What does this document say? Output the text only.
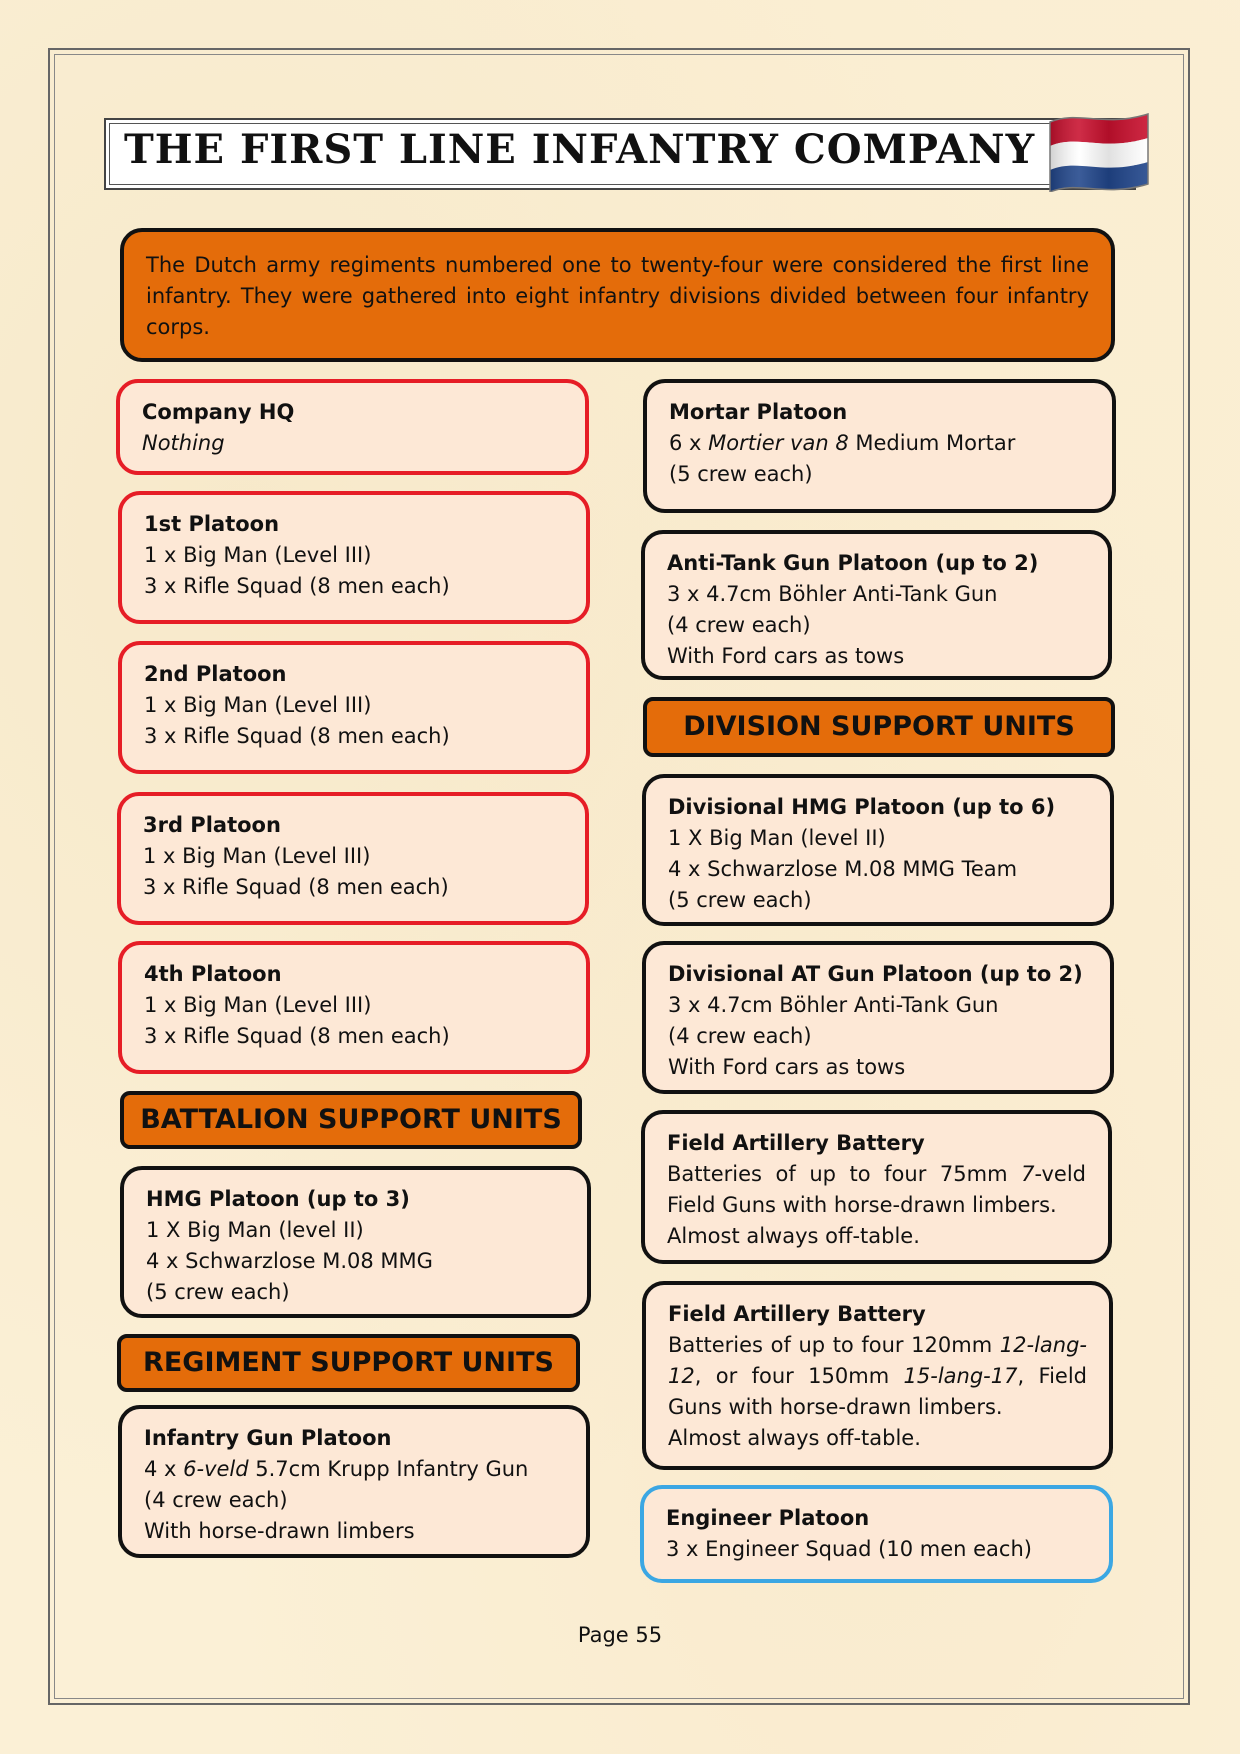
THE FIRST LINE INFANTRY COMPANY
The Dutch army regiments numbered one to twenty-four were considered the first line infantry. They were gathered into eight infantry divisions divided between four infantry corps.
Company HQ
Nothing
1st Platoon
1 x Big Man (Level III)
3 x Rifle Squad (8 men each)
2nd Platoon
1 x Big Man (Level III)
3 x Rifle Squad (8 men each)
3rd Platoon
1 x Big Man (Level III)
3 x Rifle Squad (8 men each)
4th Platoon
1 x Big Man (Level III)
3 x Rifle Squad (8 men each)
BATTALION SUPPORT UNITS
HMG Platoon (up to 3)
1 X Big Man (level II)
4 x Schwarzlose M.08 MMG
(5 crew each)
REGIMENT SUPPORT UNITS
Infantry Gun Platoon
4 x 6-veld 5.7cm Krupp Infantry Gun
(4 crew each)
With horse-drawn limbers
Mortar Platoon
6 x Mortier van 8 Medium Mortar
(5 crew each)
Anti-Tank Gun Platoon (up to 2)
3 x 4.7cm Böhler Anti-Tank Gun
(4 crew each)
With Ford cars as tows
DIVISION SUPPORT UNITS
Divisional HMG Platoon (up to 6)
1 X Big Man (level II)
4 x Schwarzlose M.08 MMG Team
(5 crew each)
Divisional AT Gun Platoon (up to 2)
3 x 4.7cm Böhler Anti-Tank Gun
(4 crew each)
With Ford cars as tows
Field Artillery Battery
Batteries of up to four 75mm 7-veld Field Guns with horse-drawn limbers.
Almost always off-table.
Field Artillery Battery
Batteries of up to four 120mm 12-lang-12, or four 150mm 15-lang-17, Field Guns with horse-drawn limbers.
Almost always off-table.
Engineer Platoon
3 x Engineer Squad (10 men each)
Page 55
